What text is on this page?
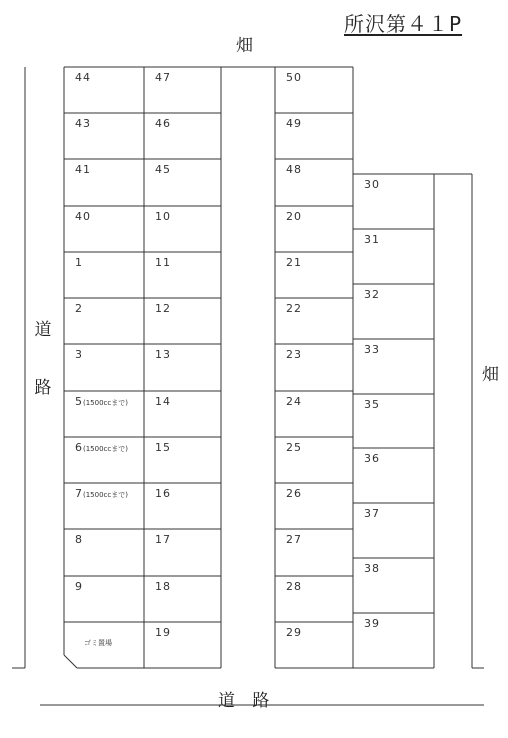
所沢第４１P
畑
畑
道
路
道 路
44
43
41
40
1
2
3
5(1500ccまで)
6(1500ccまで)
7(1500ccまで)
8
9
ゴミ置場
47
46
45
10
11
12
13
14
15
16
17
18
19
50
49
48
20
21
22
23
24
25
26
27
28
29
30
31
32
33
35
36
37
38
39
